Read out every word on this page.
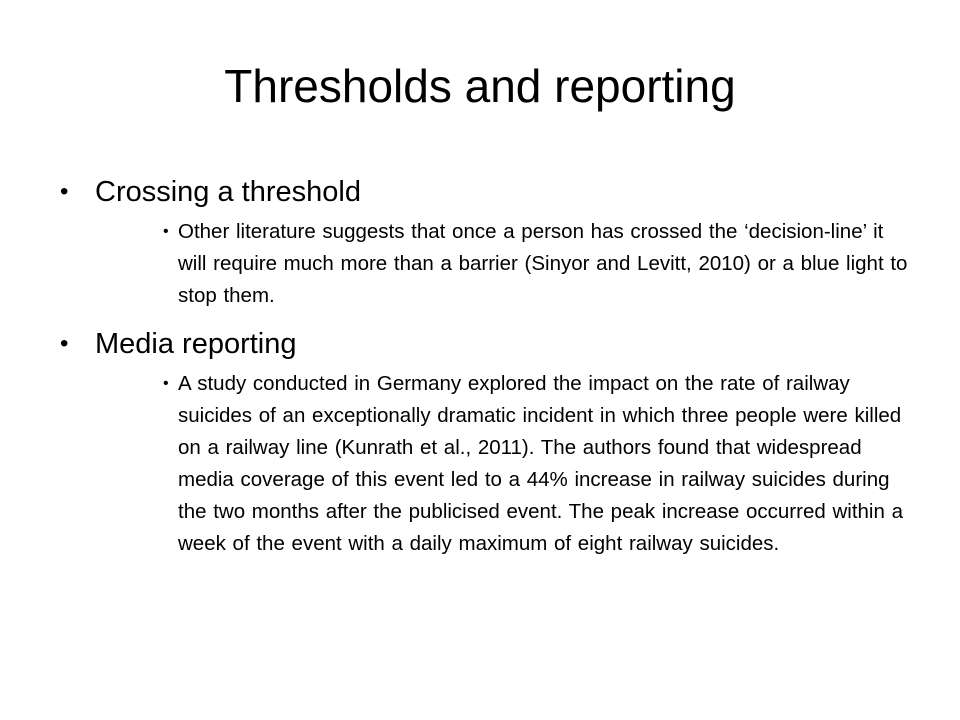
Thresholds and reporting
• Crossing a threshold
• Other literature suggests that once a person has crossed the ‘decision-line’ it will require much more than a barrier (Sinyor and Levitt, 2010) or a blue light to stop them.
• Media reporting
• A study conducted in Germany explored the impact on the rate of railway suicides of an exceptionally dramatic incident in which three people were killed on a railway line (Kunrath et al., 2011). The authors found that widespread media coverage of this event led to a 44% increase in railway suicides during the two months after the publicised event. The peak increase occurred within a week of the event with a daily maximum of eight railway suicides.
